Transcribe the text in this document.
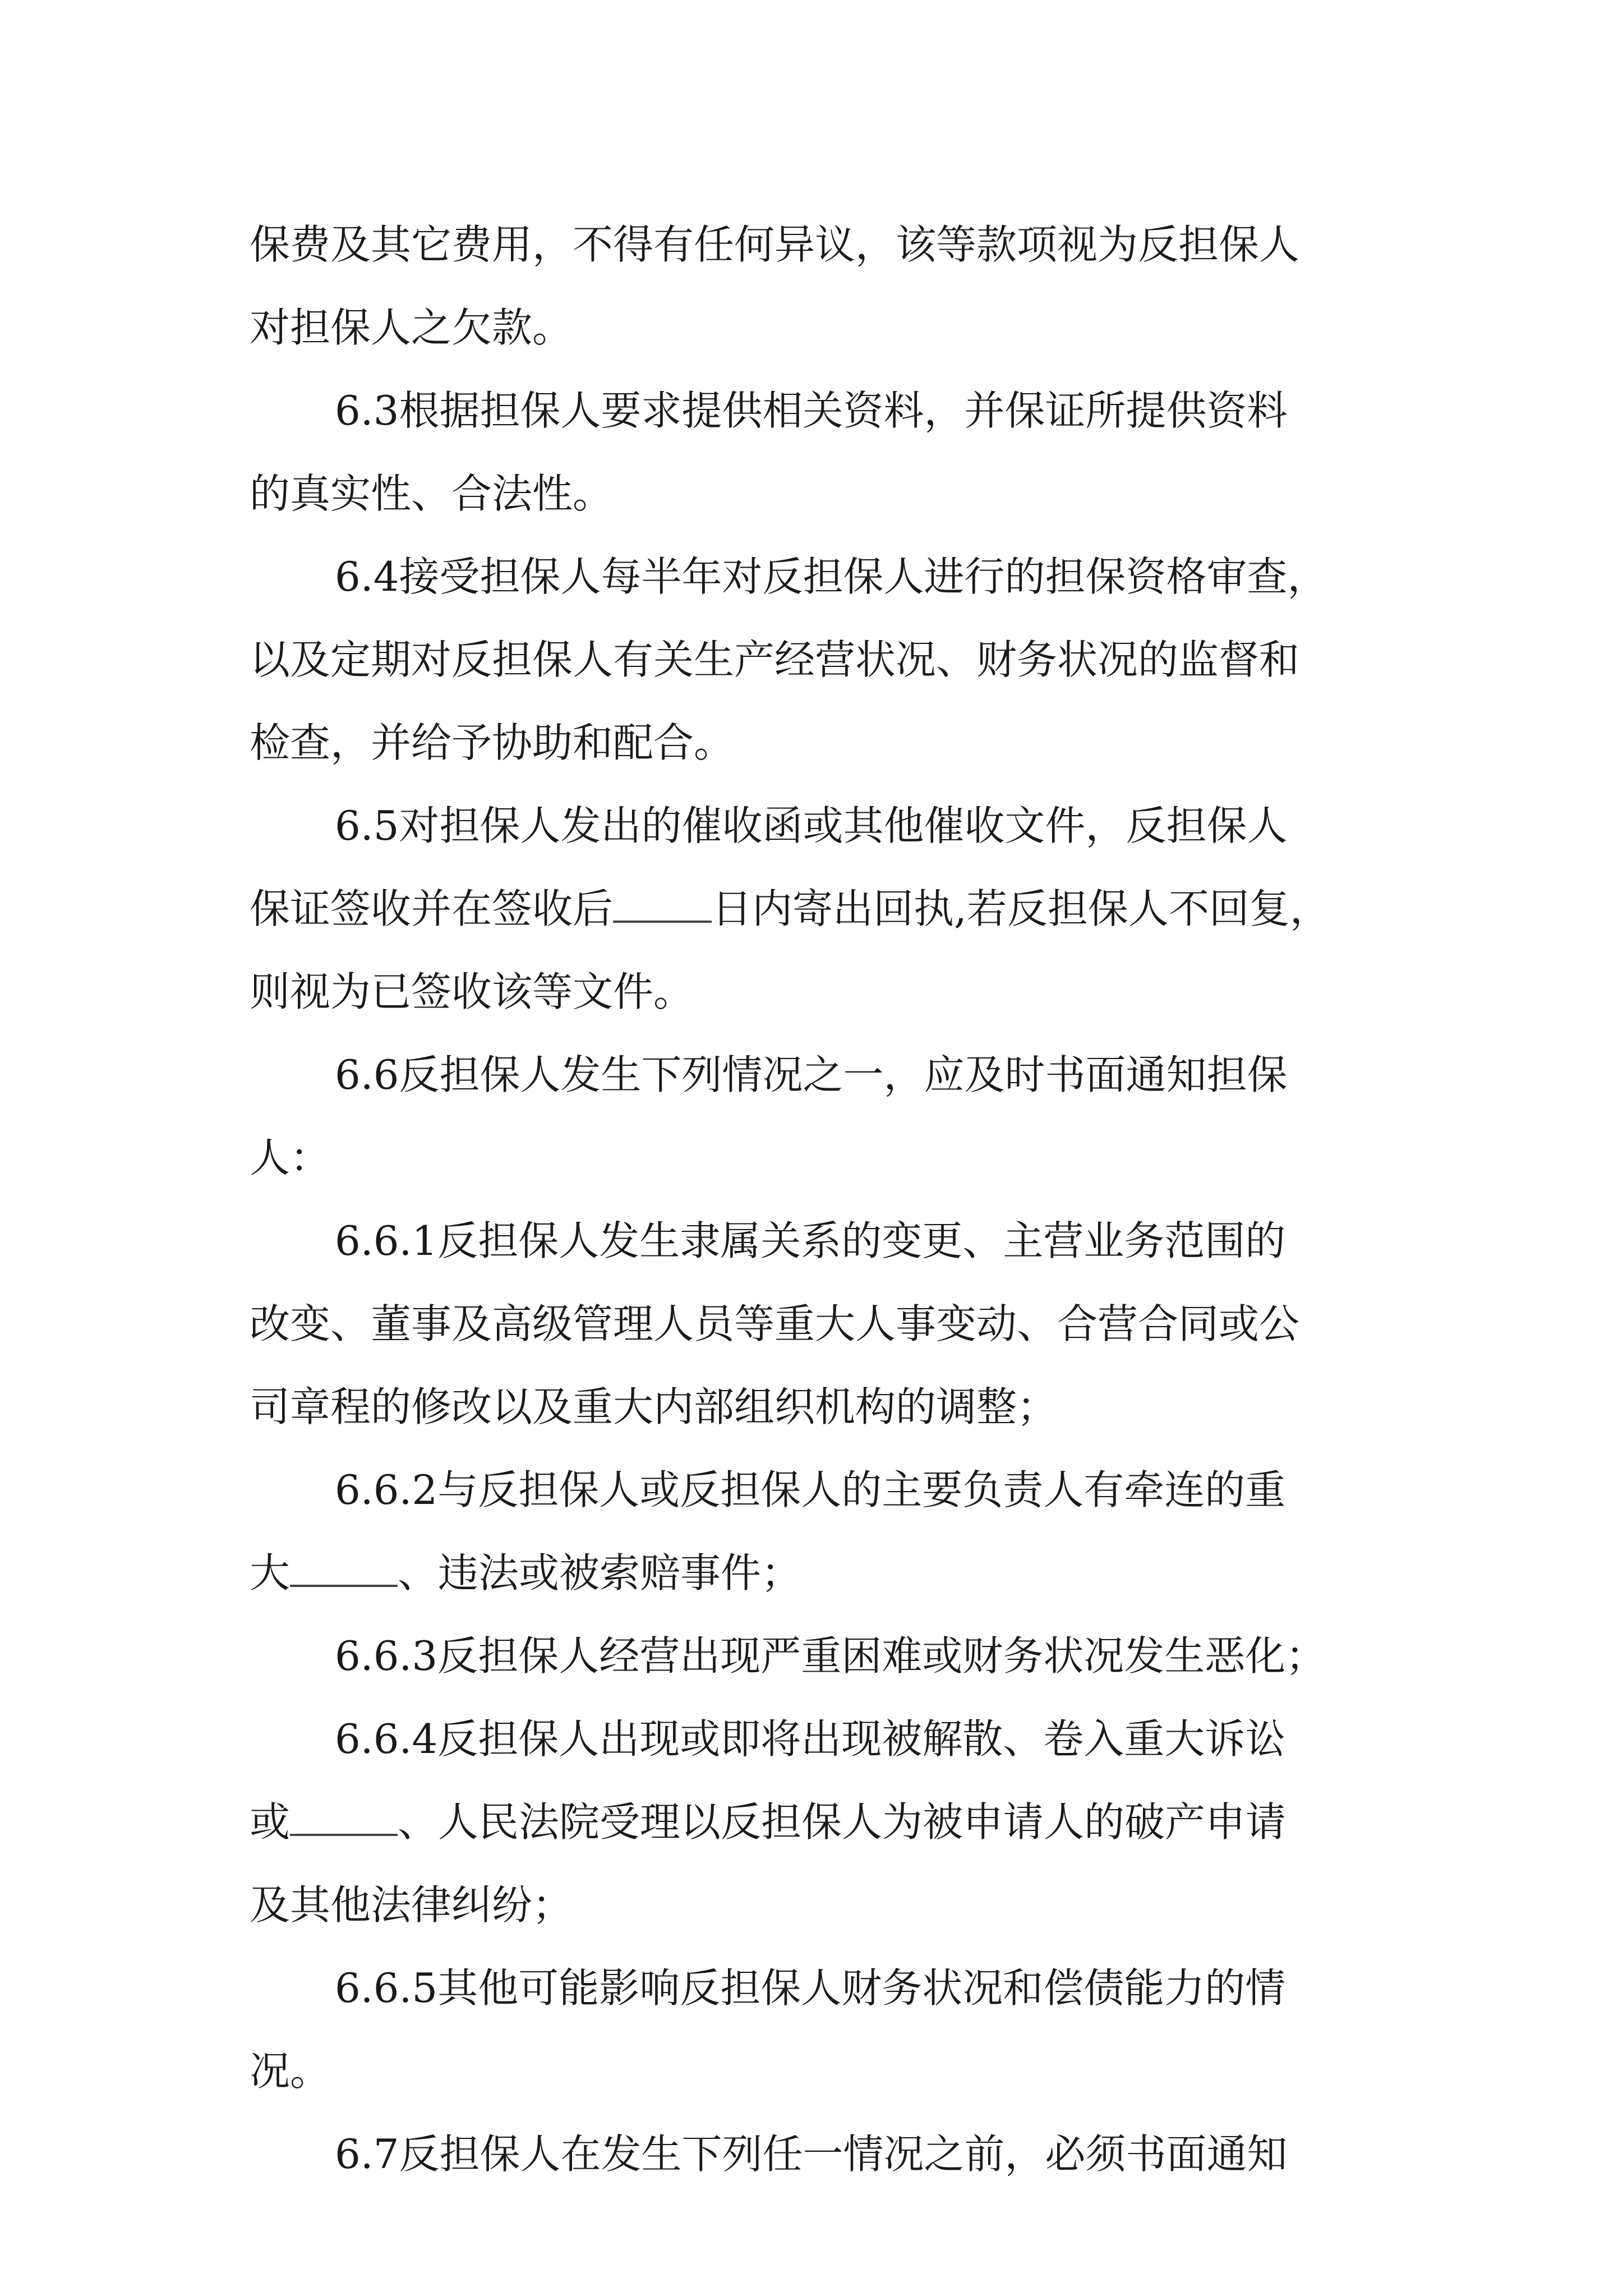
保费及其它费用，不得有任何异议，该等款项视为反担保人
对担保人之欠款。

6.3根据担保人要求提供相关资料，并保证所提供资料
的真实性、合法性。

6.4接受担保人每半年对反担保人进行的担保资格审查，
以及定期对反担保人有关生产经营状况、财务状况的监督和
检查，并给予协助和配合。

6.5对担保人发出的催收函或其他催收文件，反担保人
保证签收并在签收后 日内寄出回执,若反担保人不回复，
则视为已签收该等文件。

6.6反担保人发生下列情况之一，应及时书面通知担保
人：

6.6.1反担保人发生隶属关系的变更、主营业务范围的
改变、董事及高级管理人员等重大人事变动、合营合同或公
司章程的修改以及重大内部组织机构的调整；

6.6.2与反担保人或反担保人的主要负责人有牵连的重
大	、违法或被索赔事件；

6.6.3反担保人经营出现严重困难或财务状况发生恶化；

6.6.4反担保人出现或即将出现被解散、卷入重大诉讼
或	、人民法院受理以反担保人为被申请人的破产申请
及其他法律纠纷；

6.6.5其他可能影响反担保人财务状况和偿债能力的情
况。

6.7反担保人在发生下列任一情况之前，必须书面通知
